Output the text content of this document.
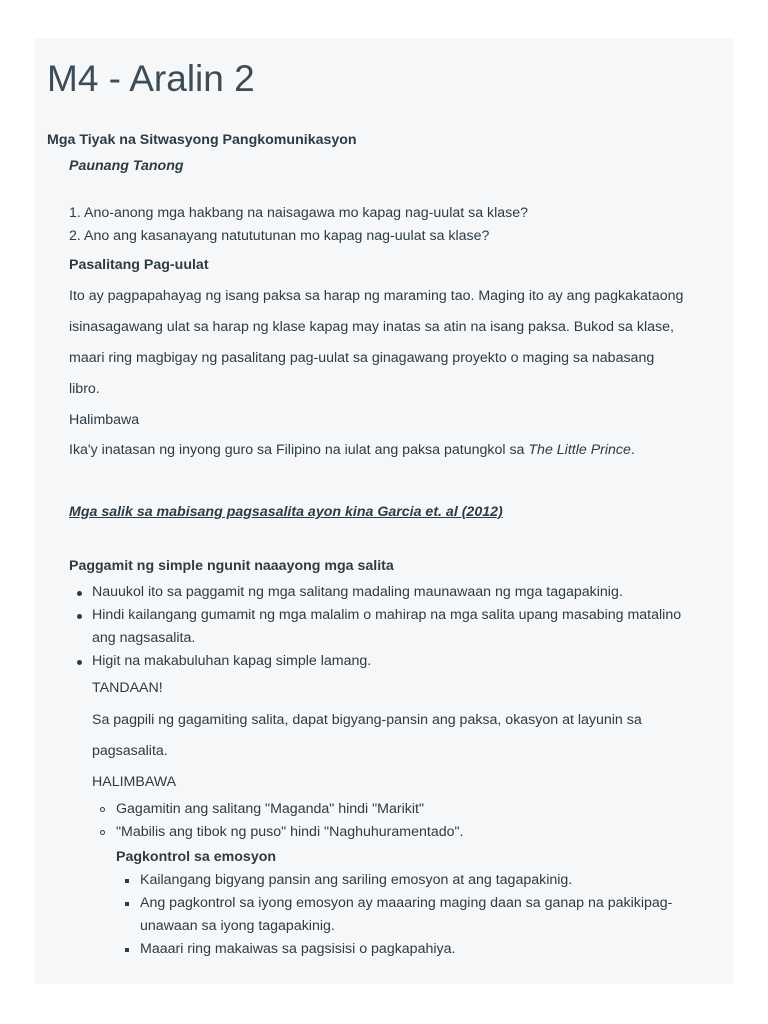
M4 - Aralin 2
Mga Tiyak na Sitwasyong Pangkomunikasyon
Paunang Tanong
1. Ano-anong mga hakbang na naisagawa mo kapag nag-uulat sa klase?
2. Ano ang kasanayang natututunan mo kapag nag-uulat sa klase?
Pasalitang Pag-uulat
Ito ay pagpapahayag ng isang paksa sa harap ng maraming tao. Maging ito ay ang pagkakataong
isinasagawang ulat sa harap ng klase kapag may inatas sa atin na isang paksa. Bukod sa klase,
maari ring magbigay ng pasalitang pag-uulat sa ginagawang proyekto o maging sa nabasang
libro.
Halimbawa
Ika'y inatasan ng inyong guro sa Filipino na iulat ang paksa patungkol sa The Little Prince.
Mga salik sa mabisang pagsasalita ayon kina Garcia et. al (2012)
Paggamit ng simple ngunit naaayong mga salita
Nauukol ito sa paggamit ng mga salitang madaling maunawaan ng mga tagapakinig.
Hindi kailangang gumamit ng mga malalim o mahirap na mga salita upang masabing matalino
ang nagsasalita.
Higit na makabuluhan kapag simple lamang.
TANDAAN!
Sa pagpili ng gagamiting salita, dapat bigyang-pansin ang paksa, okasyon at layunin sa
pagsasalita.
HALIMBAWA
Gagamitin ang salitang "Maganda" hindi "Marikit"
"Mabilis ang tibok ng puso" hindi "Naghuhuramentado".
Pagkontrol sa emosyon
Kailangang bigyang pansin ang sariling emosyon at ang tagapakinig.
Ang pagkontrol sa iyong emosyon ay maaaring maging daan sa ganap na pakikipag-
unawaan sa iyong tagapakinig.
Maaari ring makaiwas sa pagsisisi o pagkapahiya.
